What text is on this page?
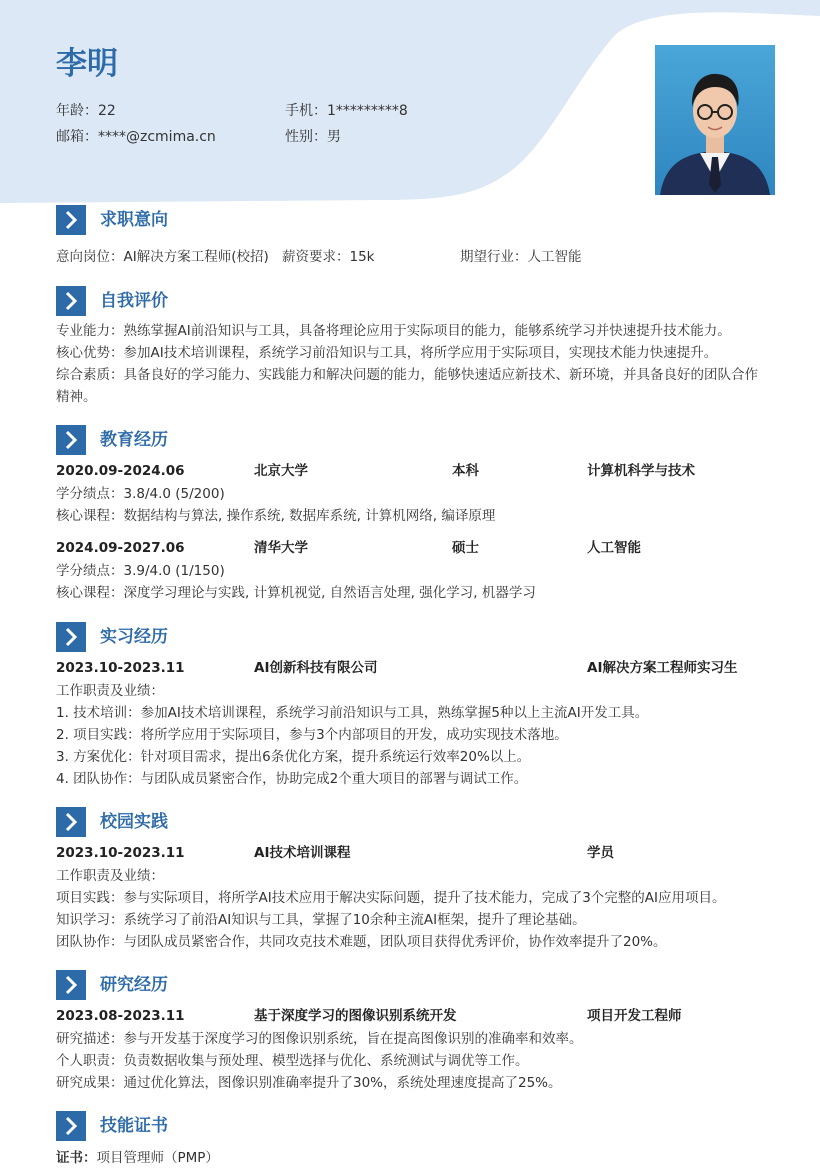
李明
年龄：22	手机：1*********8
邮箱：****@zcmima.cn	性别：男
求职意向
意向岗位：AI解决方案工程师(校招) 薪资要求：15k	期望行业：人工智能
自我评价
专业能力：熟练掌握AI前沿知识与工具，具备将理论应用于实际项目的能力，能够系统学习并快速提升技术能力。
核心优势：参加AI技术培训课程，系统学习前沿知识与工具，将所学应用于实际项目，实现技术能力快速提升。
综合素质：具备良好的学习能力、实践能力和解决问题的能力，能够快速适应新技术、新环境，并具备良好的团队合作精神。
教育经历
2020.09-2024.06	北京大学	本科	计算机科学与技术
学分绩点：3.8/4.0 (5/200)
核心课程：数据结构与算法, 操作系统, 数据库系统, 计算机网络, 编译原理
2024.09-2027.06	清华大学	硕士	人工智能
学分绩点：3.9/4.0 (1/150)
核心课程：深度学习理论与实践, 计算机视觉, 自然语言处理, 强化学习, 机器学习
实习经历
2023.10-2023.11	AI创新科技有限公司	AI解决方案工程师实习生
工作职责及业绩：
1. 技术培训：参加AI技术培训课程，系统学习前沿知识与工具，熟练掌握5种以上主流AI开发工具。
2. 项目实践：将所学应用于实际项目，参与3个内部项目的开发，成功实现技术落地。
3. 方案优化：针对项目需求，提出6条优化方案，提升系统运行效率20%以上。
4. 团队协作：与团队成员紧密合作，协助完成2个重大项目的部署与调试工作。
校园实践
2023.10-2023.11	AI技术培训课程	学员
工作职责及业绩：
项目实践：参与实际项目，将所学AI技术应用于解决实际问题，提升了技术能力，完成了3个完整的AI应用项目。
知识学习：系统学习了前沿AI知识与工具，掌握了10余种主流AI框架，提升了理论基础。
团队协作：与团队成员紧密合作，共同攻克技术难题，团队项目获得优秀评价，协作效率提升了20%。
研究经历
2023.08-2023.11	基于深度学习的图像识别系统开发	项目开发工程师
研究描述：参与开发基于深度学习的图像识别系统，旨在提高图像识别的准确率和效率。
个人职责：负责数据收集与预处理、模型选择与优化、系统测试与调优等工作。
研究成果：通过优化算法，图像识别准确率提升了30%，系统处理速度提高了25%。
技能证书
证书：项目管理师（PMP）
